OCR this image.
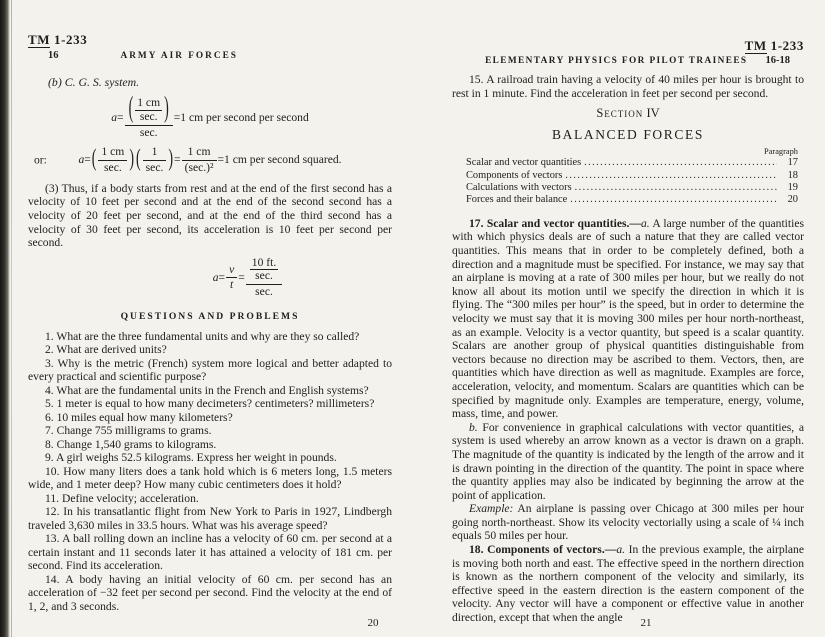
TM 1-233
16	ARMY AIR FORCES
(b) C. G. S. system.
a= ( 1 cm
sec. )
sec.
=1 cm per second per second
or:	a=( 1 cm
sec. ) ( 1
sec. )=
1 cm
(sec.)²
=1 cm per second squared.

(3) Thus, if a body starts from rest and at the end of the first second has a velocity of 10 feet per second and at the end of the second second has a velocity of 20 feet per second, and at the end of the third second has a velocity of 30 feet per second, its acceleration is 10 feet per second per second.

$a= \frac{v}{t}$ =
10 ft.
sec.
sec.
QUESTIONS AND PROBLEMS

1. What are the three fundamental units and why are they so called?

2. What are derived units?

3. Why is the metric (French) system more logical and better adapted to every practical and scientific purpose?

4. What are the fundamental units in the French and English systems?

5. 1 meter is equal to how many decimeters? centimeters? millimeters?

6. 10 miles equal how many kilometers?

7. Change 755 milligrams to grams.

8. Change 1,540 grams to kilograms.

9. A girl weighs 52.5 kilograms. Express her weight in pounds.

10. How many liters does a tank hold which is 6 meters long, 1.5 meters wide, and 1 meter deep? How many cubic centimeters does it hold?

11. Define velocity; acceleration.

12. In his transatlantic flight from New York to Paris in 1927, Lindbergh traveled 3,630 miles in 33.5 hours. What was his average speed?

13. A ball rolling down an incline has a velocity of 60 cm. per second at a certain instant and 11 seconds later it has attained a velocity of 181 cm. per second. Find its acceleration.

14. A body having an initial velocity of 60 cm. per second has an acceleration of −32 feet per second per second. Find the velocity at the end of 1, 2, and 3 seconds.

TM 1-233
ELEMENTARY PHYSICS FOR PILOT TRAINEES 16-18

15. A railroad train having a velocity of 40 miles per hour is brought to rest in 1 minute. Find the acceleration in feet per second per second.

Section IV
BALANCED FORCES
Paragraph
Scalar and vector quantities .....	17
Components of vectors .....	18
Calculations with vectors .....	19
Forces and their balance .....	20

17. Scalar and vector quantities.—a. A large number of the quantities with which physics deals are of such a nature that they are called vector quantities. This means that in order to be completely defined, both a direction and a magnitude must be specified. For instance, we may say that an airplane is moving at a rate of 300 miles per hour, but we really do not know all about its motion until we specify the direction in which it is flying. The “300 miles per hour” is the speed, but in order to determine the velocity we must say that it is moving 300 miles per hour north-northeast, as an example. Velocity is a vector quantity, but speed is a scalar quantity. Scalars are another group of physical quantities distinguishable from vectors because no direction may be ascribed to them. Vectors, then, are quantities which have direction as well as magnitude. Examples are force, acceleration, velocity, and momentum. Scalars are quantities which can be specified by magnitude only. Examples are temperature, energy, volume, mass, time, and power.

b. For convenience in graphical calculations with vector quantities, a system is used whereby an arrow known as a vector is drawn on a graph. The magnitude of the quantity is indicated by the length of the arrow and it is drawn pointing in the direction of the quantity. The point in space where the quantity applies may also be indicated by beginning the arrow at the point of application.

Example: An airplane is passing over Chicago at 300 miles per hour going north-northeast. Show its velocity vectorially using a scale of ¼ inch equals 50 miles per hour.

18. Components of vectors.—a. In the previous example, the airplane is moving both north and east. The effective speed in the northern direction is known as the northern component of the velocity and similarly, its effective speed in the eastern direction is the eastern component of the velocity. Any vector will have a component or effective value in another direction, except that when the angle

20	21
